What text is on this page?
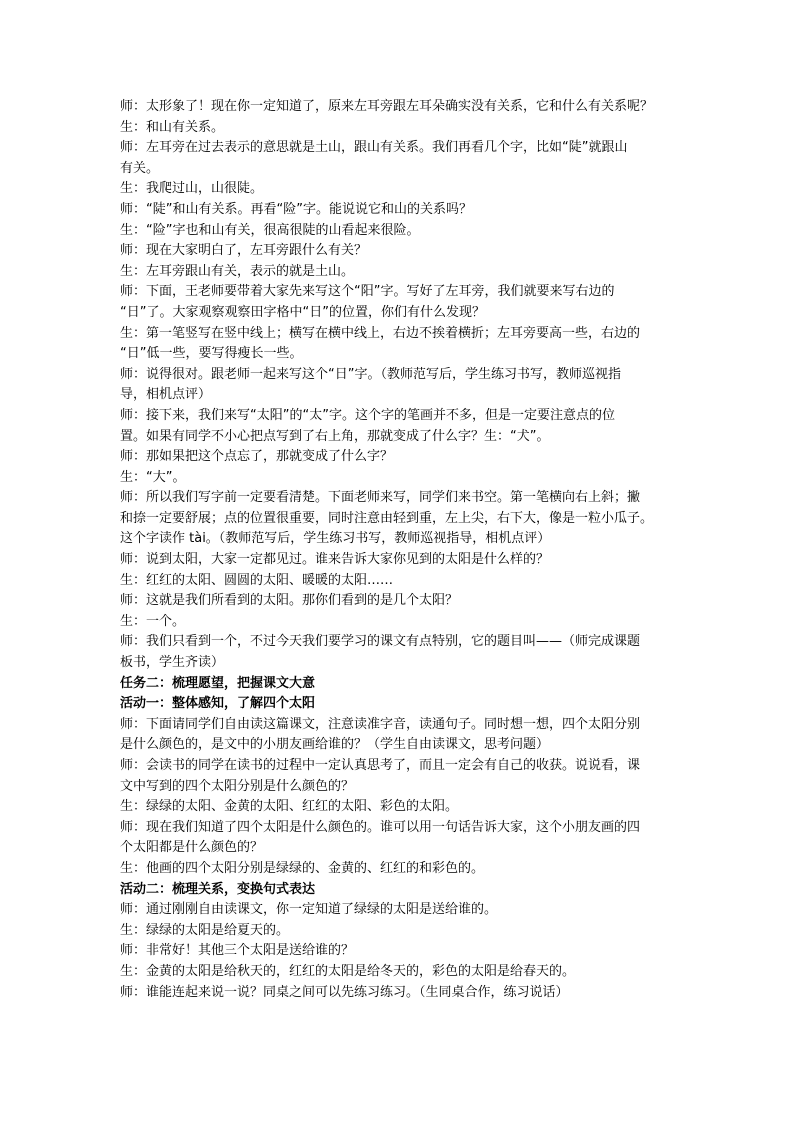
师：太形象了！现在你一定知道了，原来左耳旁跟左耳朵确实没有关系，它和什么有关系呢？
生：和山有关系。
师：左耳旁在过去表示的意思就是土山，跟山有关系。我们再看几个字，比如“陡”就跟山
有关。
生：我爬过山，山很陡。
师：“陡”和山有关系。再看“险”字。能说说它和山的关系吗？
生：“险”字也和山有关，很高很陡的山看起来很险。
师：现在大家明白了，左耳旁跟什么有关？
生：左耳旁跟山有关，表示的就是土山。
师：下面，王老师要带着大家先来写这个“阳”字。写好了左耳旁，我们就要来写右边的
“日”了。大家观察观察田字格中“日”的位置，你们有什么发现？
生：第一笔竖写在竖中线上；横写在横中线上，右边不挨着横折；左耳旁要高一些，右边的
“日”低一些，要写得瘦长一些。
师：说得很对。跟老师一起来写这个“日”字。（教师范写后，学生练习书写，教师巡视指
导，相机点评）
师：接下来，我们来写“太阳”的“太”字。这个字的笔画并不多，但是一定要注意点的位
置。如果有同学不小心把点写到了右上角，那就变成了什么字？生：“犬”。
师：那如果把这个点忘了，那就变成了什么字？
生：“大”。
师：所以我们写字前一定要看清楚。下面老师来写，同学们来书空。第一笔横向右上斜；撇
和捺一定要舒展；点的位置很重要，同时注意由轻到重，左上尖，右下大，像是一粒小瓜子。
这个字读作 tài。（教师范写后，学生练习书写，教师巡视指导，相机点评）
师：说到太阳，大家一定都见过。谁来告诉大家你见到的太阳是什么样的？
生：红红的太阳、圆圆的太阳、暖暖的太阳……
师：这就是我们所看到的太阳。那你们看到的是几个太阳？
生：一个。
师：我们只看到一个，不过今天我们要学习的课文有点特别，它的题目叫——（师完成课题
板书，学生齐读）
任务二：梳理愿望，把握课文大意
活动一：整体感知，了解四个太阳
师：下面请同学们自由读这篇课文，注意读准字音，读通句子。同时想一想，四个太阳分别
是什么颜色的，是文中的小朋友画给谁的？（学生自由读课文，思考问题）
师：会读书的同学在读书的过程中一定认真思考了，而且一定会有自己的收获。说说看，课
文中写到的四个太阳分别是什么颜色的？
生：绿绿的太阳、金黄的太阳、红红的太阳、彩色的太阳。
师：现在我们知道了四个太阳是什么颜色的。谁可以用一句话告诉大家，这个小朋友画的四
个太阳都是什么颜色的？
生：他画的四个太阳分别是绿绿的、金黄的、红红的和彩色的。
活动二：梳理关系，变换句式表达
师：通过刚刚自由读课文，你一定知道了绿绿的太阳是送给谁的。
生：绿绿的太阳是给夏天的。
师：非常好！其他三个太阳是送给谁的？
生：金黄的太阳是给秋天的，红红的太阳是给冬天的，彩色的太阳是给春天的。
师：谁能连起来说一说？同桌之间可以先练习练习。（生同桌合作，练习说话）
